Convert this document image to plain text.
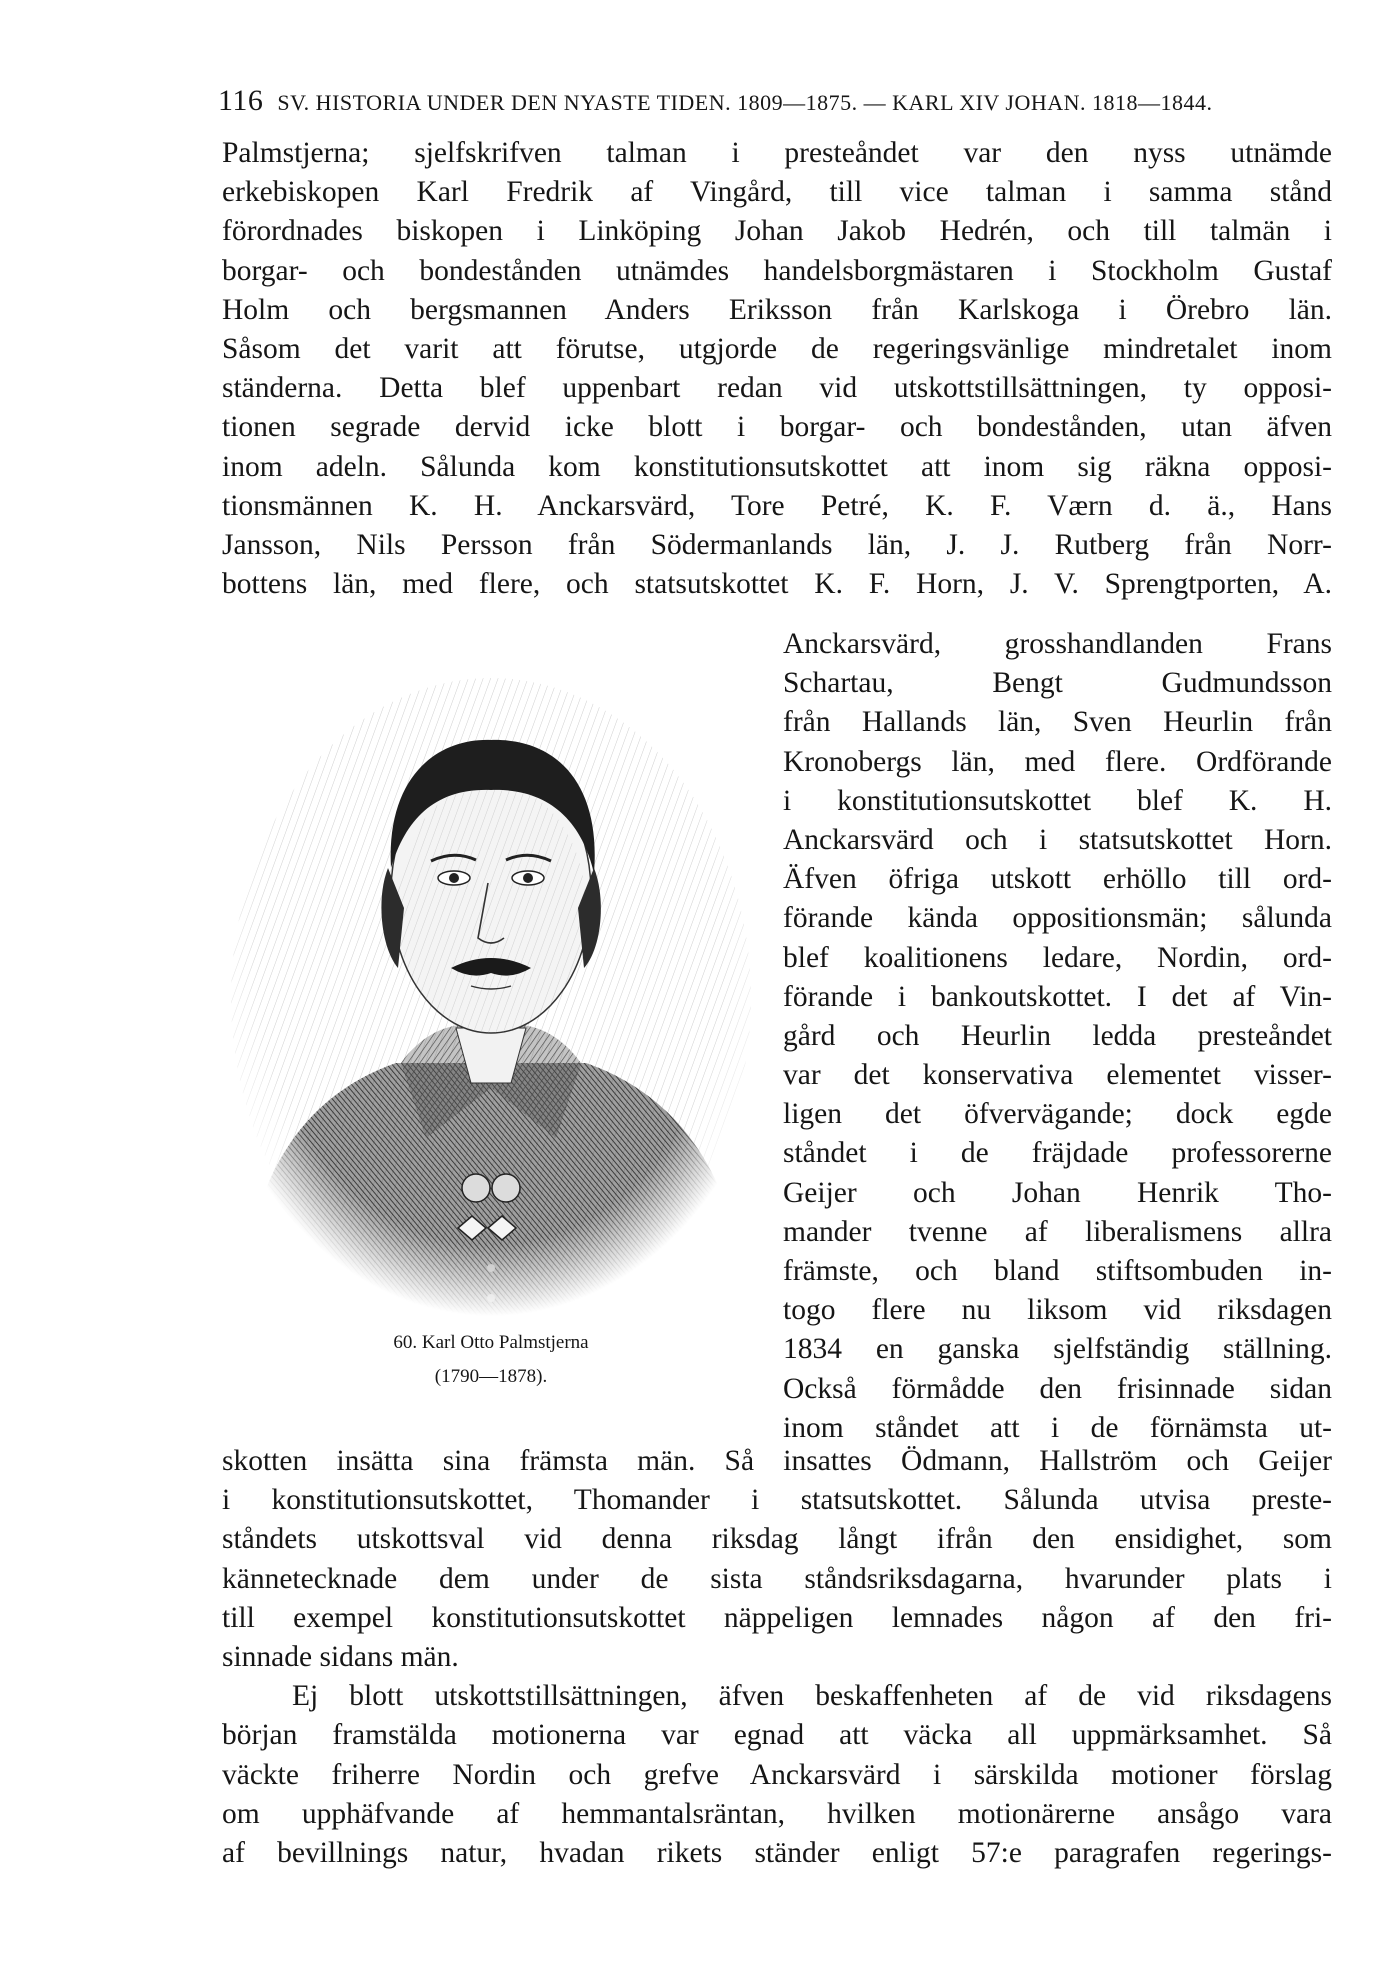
116 SV. HISTORIA UNDER DEN NYASTE TIDEN. 1809—1875. — KARL XIV JOHAN. 1818—1844.
Palmstjerna; sjelfskrifven talman i presteåndet var den nyss utnämde
erkebiskopen Karl Fredrik af Vingård, till vice talman i samma stånd
förordnades biskopen i Linköping Johan Jakob Hedrén, och till talmän i
borgar- och bondestånden utnämdes handelsborgmästaren i Stockholm Gustaf
Holm och bergsmannen Anders Eriksson från Karlskoga i Örebro län.
Såsom det varit att förutse, utgjorde de regeringsvänlige mindretalet inom
ständerna. Detta blef uppenbart redan vid utskottstillsättningen, ty opposi-
tionen segrade dervid icke blott i borgar- och bondestånden, utan äfven
inom adeln. Sålunda kom konstitutionsutskottet att inom sig räkna opposi-
tionsmännen K. H. Anckarsvärd, Tore Petré, K. F. Værn d. ä., Hans
Jansson, Nils Persson från Södermanlands län, J. J. Rutberg från Norr-
bottens län, med flere, och statsutskottet K. F. Horn, J. V. Sprengtporten, A.
60. Karl Otto Palmstjerna
(1790—1878).
Anckarsvärd, grosshandlanden Frans
Schartau, Bengt Gudmundsson
från Hallands län, Sven Heurlin från
Kronobergs län, med flere. Ordförande
i konstitutionsutskottet blef K. H.
Anckarsvärd och i statsutskottet Horn.
Äfven öfriga utskott erhöllo till ord-
förande kända oppositionsmän; sålunda
blef koalitionens ledare, Nordin, ord-
förande i bankoutskottet. I det af Vin-
gård och Heurlin ledda presteåndet
var det konservativa elementet visser-
ligen det öfvervägande; dock egde
ståndet i de fräjdade professorerne
Geijer och Johan Henrik Tho-
mander tvenne af liberalismens allra
främste, och bland stiftsombuden in-
togo flere nu liksom vid riksdagen
1834 en ganska sjelfständig ställning.
Också förmådde den frisinnade sidan
inom ståndet att i de förnämsta ut-
skotten insätta sina främsta män. Så insattes Ödmann, Hallström och Geijer
i konstitutionsutskottet, Thomander i statsutskottet. Sålunda utvisa preste-
ståndets utskottsval vid denna riksdag långt ifrån den ensidighet, som
kännetecknade dem under de sista ståndsriksdagarna, hvarunder plats i
till exempel konstitutionsutskottet näppeligen lemnades någon af den fri-
sinnade sidans män.
Ej blott utskottstillsättningen, äfven beskaffenheten af de vid riksdagens
början framstälda motionerna var egnad att väcka all uppmärksamhet. Så
väckte friherre Nordin och grefve Anckarsvärd i särskilda motioner förslag
om upphäfvande af hemmantalsräntan, hvilken motionärerne ansågo vara
af bevillnings natur, hvadan rikets ständer enligt 57:e paragrafen regerings-
